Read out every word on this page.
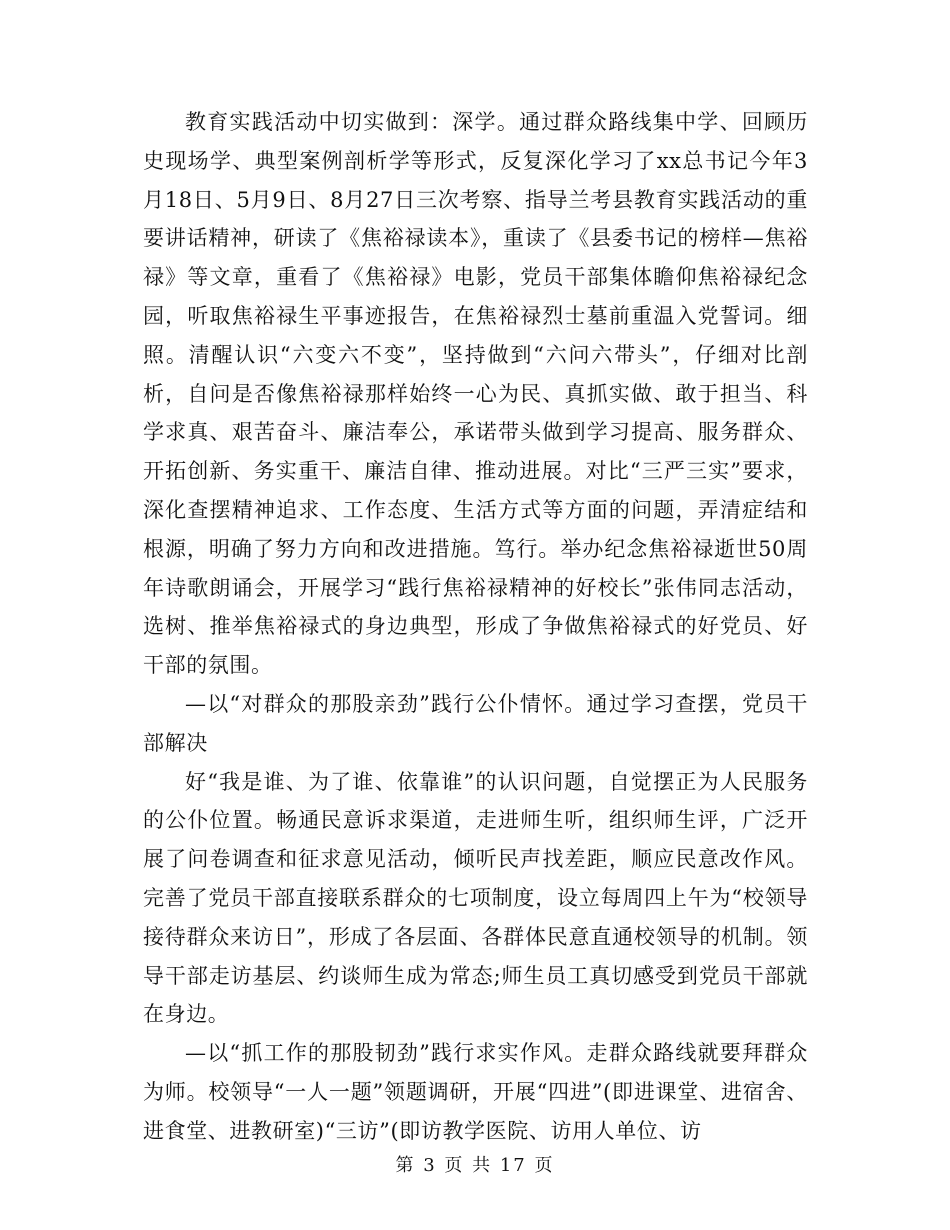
教育实践活动中切实做到：深学。通过群众路线集中学、回顾历史现场学、典型案例剖析学等形式，反复深化学习了xx总书记今年3月18日、5月9日、8月27日三次考察、指导兰考县教育实践活动的重要讲话精神，研读了《焦裕禄读本》，重读了《县委书记的榜样—焦裕禄》等文章，重看了《焦裕禄》电影，党员干部集体瞻仰焦裕禄纪念园，听取焦裕禄生平事迹报告，在焦裕禄烈士墓前重温入党誓词。细照。清醒认识“六变六不变”，坚持做到“六问六带头”，仔细对比剖析，自问是否像焦裕禄那样始终一心为民、真抓实做、敢于担当、科学求真、艰苦奋斗、廉洁奉公，承诺带头做到学习提高、服务群众、开拓创新、务实重干、廉洁自律、推动进展。对比“三严三实”要求，深化查摆精神追求、工作态度、生活方式等方面的问题，弄清症结和根源，明确了努力方向和改进措施。笃行。举办纪念焦裕禄逝世50周年诗歌朗诵会，开展学习“践行焦裕禄精神的好校长”张伟同志活动，选树、推举焦裕禄式的身边典型，形成了争做焦裕禄式的好党员、好干部的氛围。

—以“对群众的那股亲劲”践行公仆情怀。通过学习查摆，党员干部解决

好“我是谁、为了谁、依靠谁”的认识问题，自觉摆正为人民服务的公仆位置。畅通民意诉求渠道，走进师生听，组织师生评，广泛开展了问卷调查和征求意见活动，倾听民声找差距，顺应民意改作风。完善了党员干部直接联系群众的七项制度，设立每周四上午为“校领导接待群众来访日”，形成了各层面、各群体民意直通校领导的机制。领导干部走访基层、约谈师生成为常态;师生员工真切感受到党员干部就在身边。

—以“抓工作的那股韧劲”践行求实作风。走群众路线就要拜群众为师。校领导“一人一题”领题调研，开展“四进”(即进课堂、进宿舍、进食堂、进教研室)“三访”(即访教学医院、访用人单位、访

第 3 页 共 17 页
